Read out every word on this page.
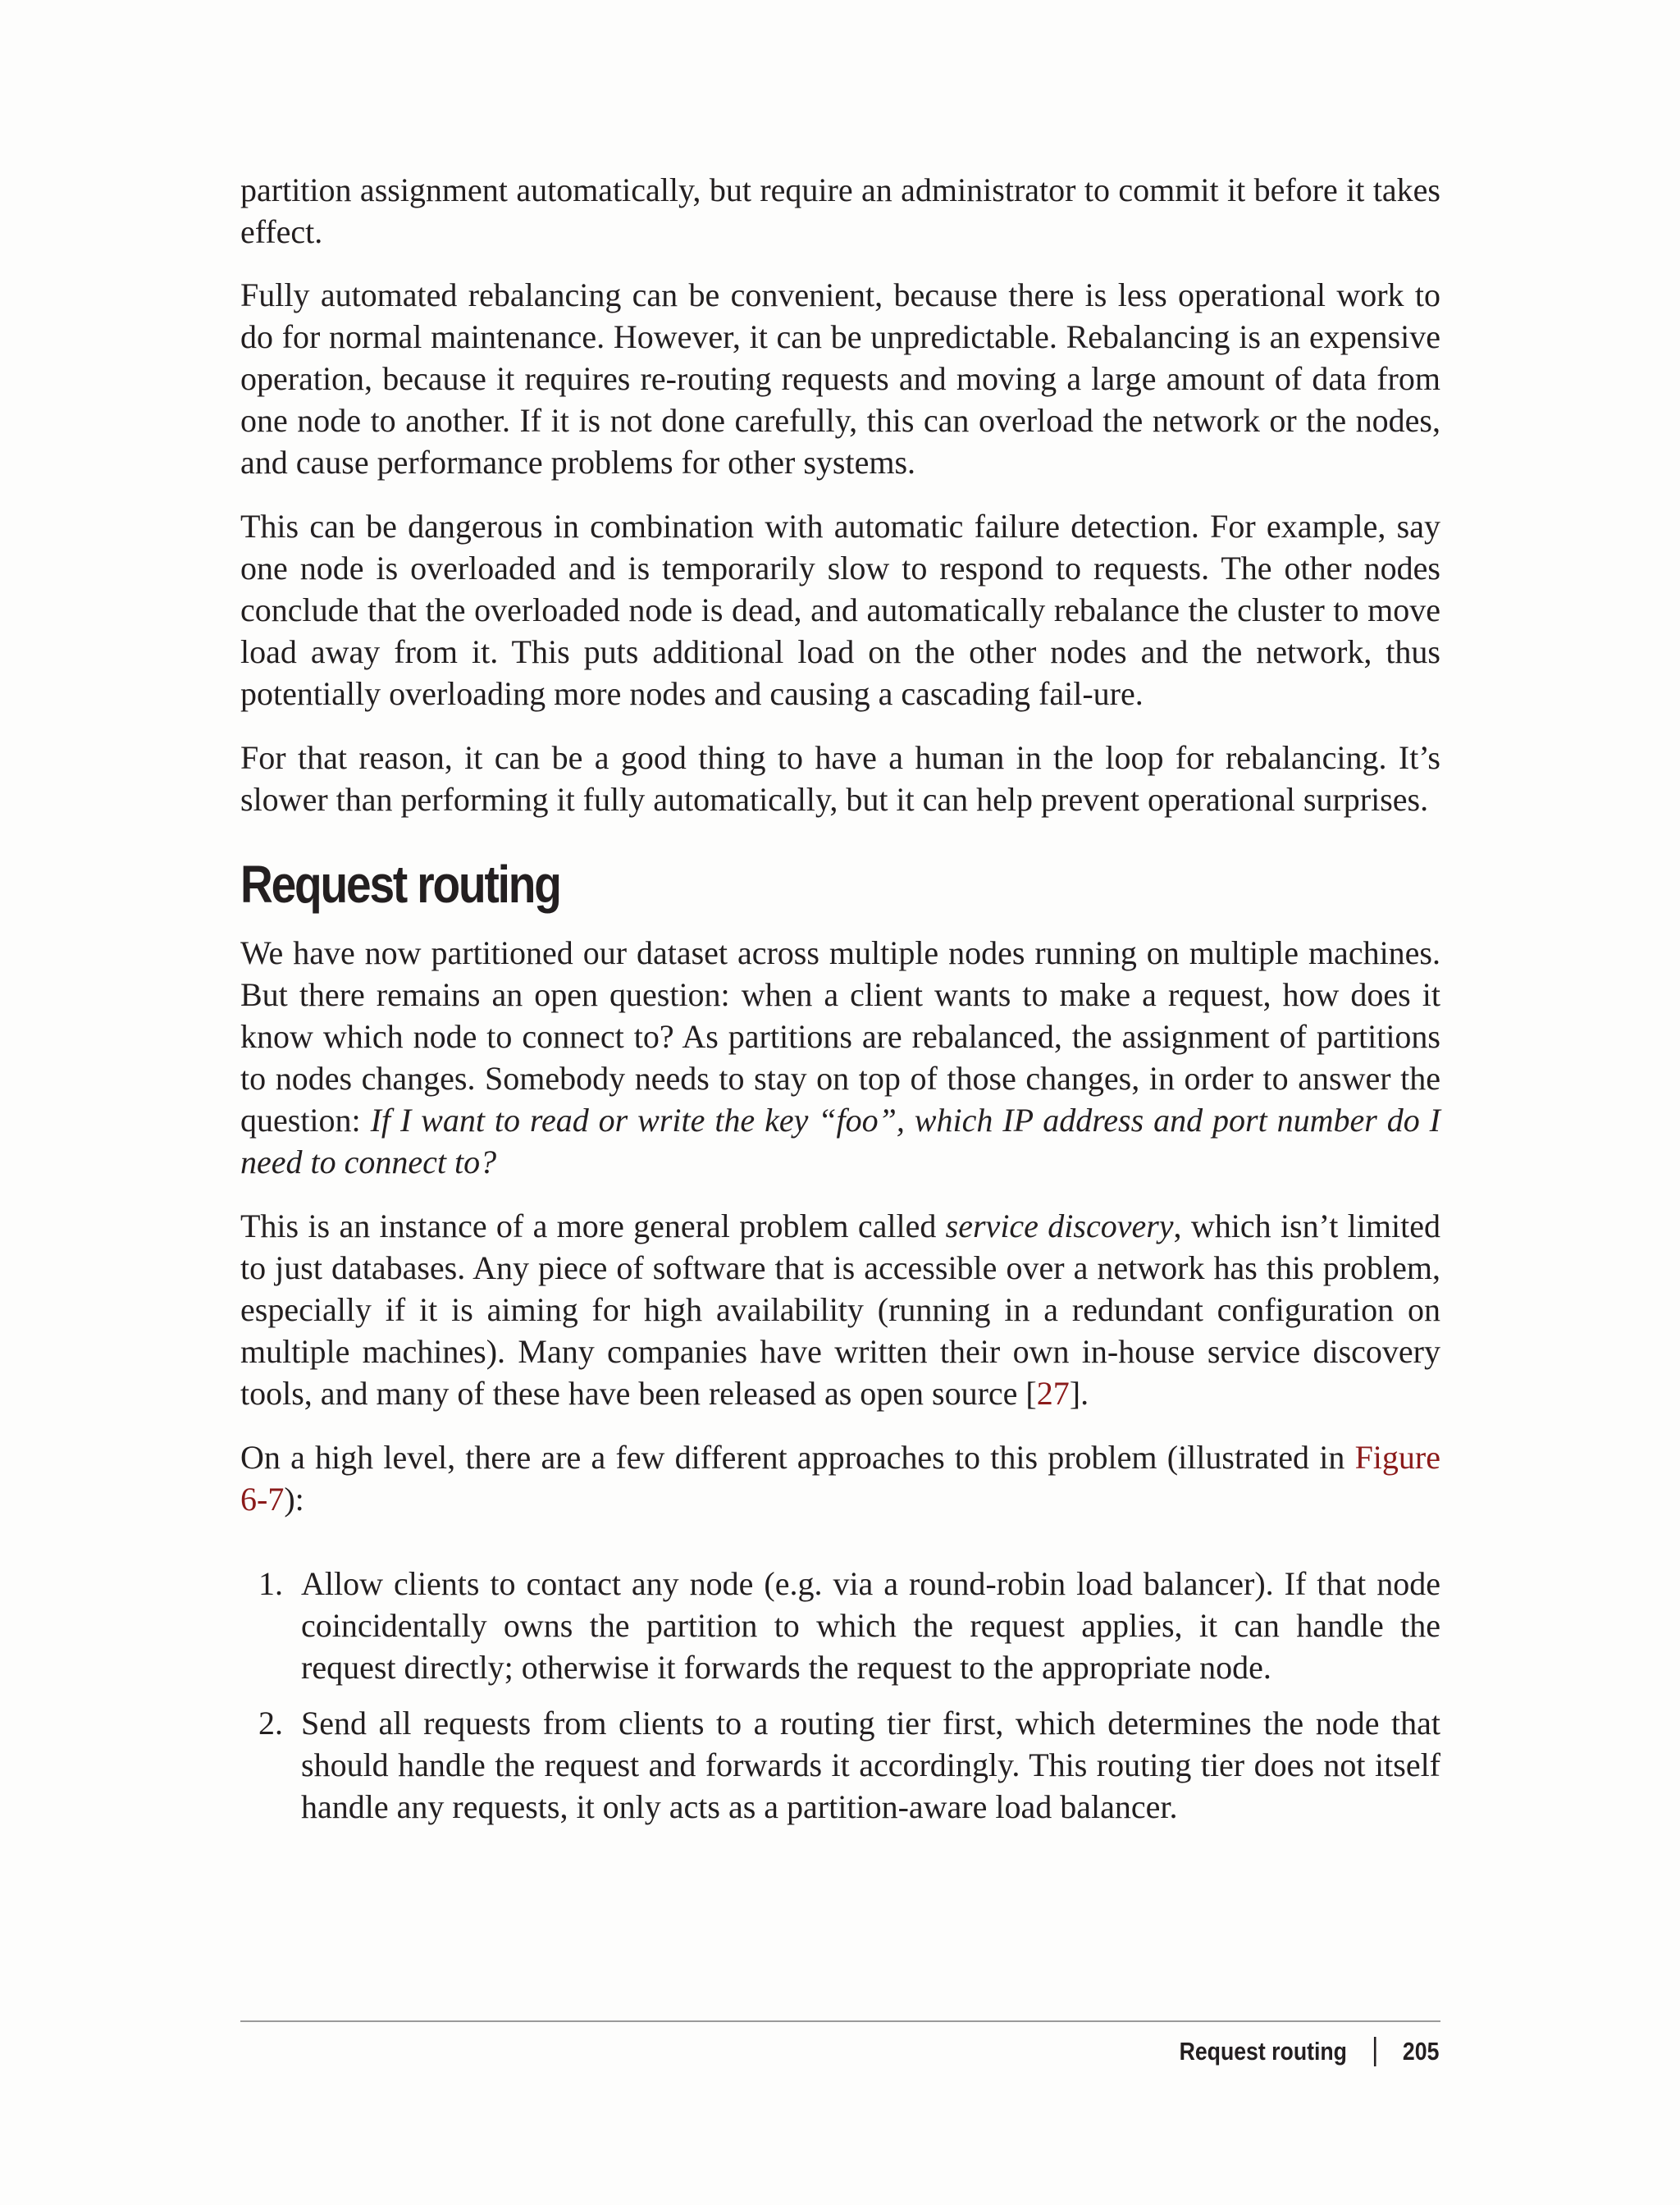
partition assignment automatically, but require an administrator to commit it before it takes effect.

Fully automated rebalancing can be convenient, because there is less operational work to do for normal maintenance. However, it can be unpredictable. Rebalancing is an expensive operation, because it requires re-routing requests and moving a large amount of data from one node to another. If it is not done carefully, this can overload the network or the nodes, and cause performance problems for other systems.

This can be dangerous in combination with automatic failure detection. For example, say one node is overloaded and is temporarily slow to respond to requests. The other nodes conclude that the overloaded node is dead, and automatically rebalance the cluster to move load away from it. This puts additional load on the other nodes and the network, thus potentially overloading more nodes and causing a cascading fail-ure.

For that reason, it can be a good thing to have a human in the loop for rebalancing. It’s slower than performing it fully automatically, but it can help prevent operational surprises.

Request routing

We have now partitioned our dataset across multiple nodes running on multiple machines. But there remains an open question: when a client wants to make a request, how does it know which node to connect to? As partitions are rebalanced, the assignment of partitions to nodes changes. Somebody needs to stay on top of those changes, in order to answer the question: If I want to read or write the key “foo”, which IP address and port number do I need to connect to?

This is an instance of a more general problem called service discovery, which isn’t limited to just databases. Any piece of software that is accessible over a network has this problem, especially if it is aiming for high availability (running in a redundant configuration on multiple machines). Many companies have written their own in-house service discovery tools, and many of these have been released as open source [27].

On a high level, there are a few different approaches to this problem (illustrated in Figure 6-7):

1. Allow clients to contact any node (e.g. via a round-robin load balancer). If that node coincidentally owns the partition to which the request applies, it can handle the request directly; otherwise it forwards the request to the appropriate node.

2. Send all requests from clients to a routing tier first, which determines the node that should handle the request and forwards it accordingly. This routing tier does not itself handle any requests, it only acts as a partition-aware load balancer.

Request routing 205
